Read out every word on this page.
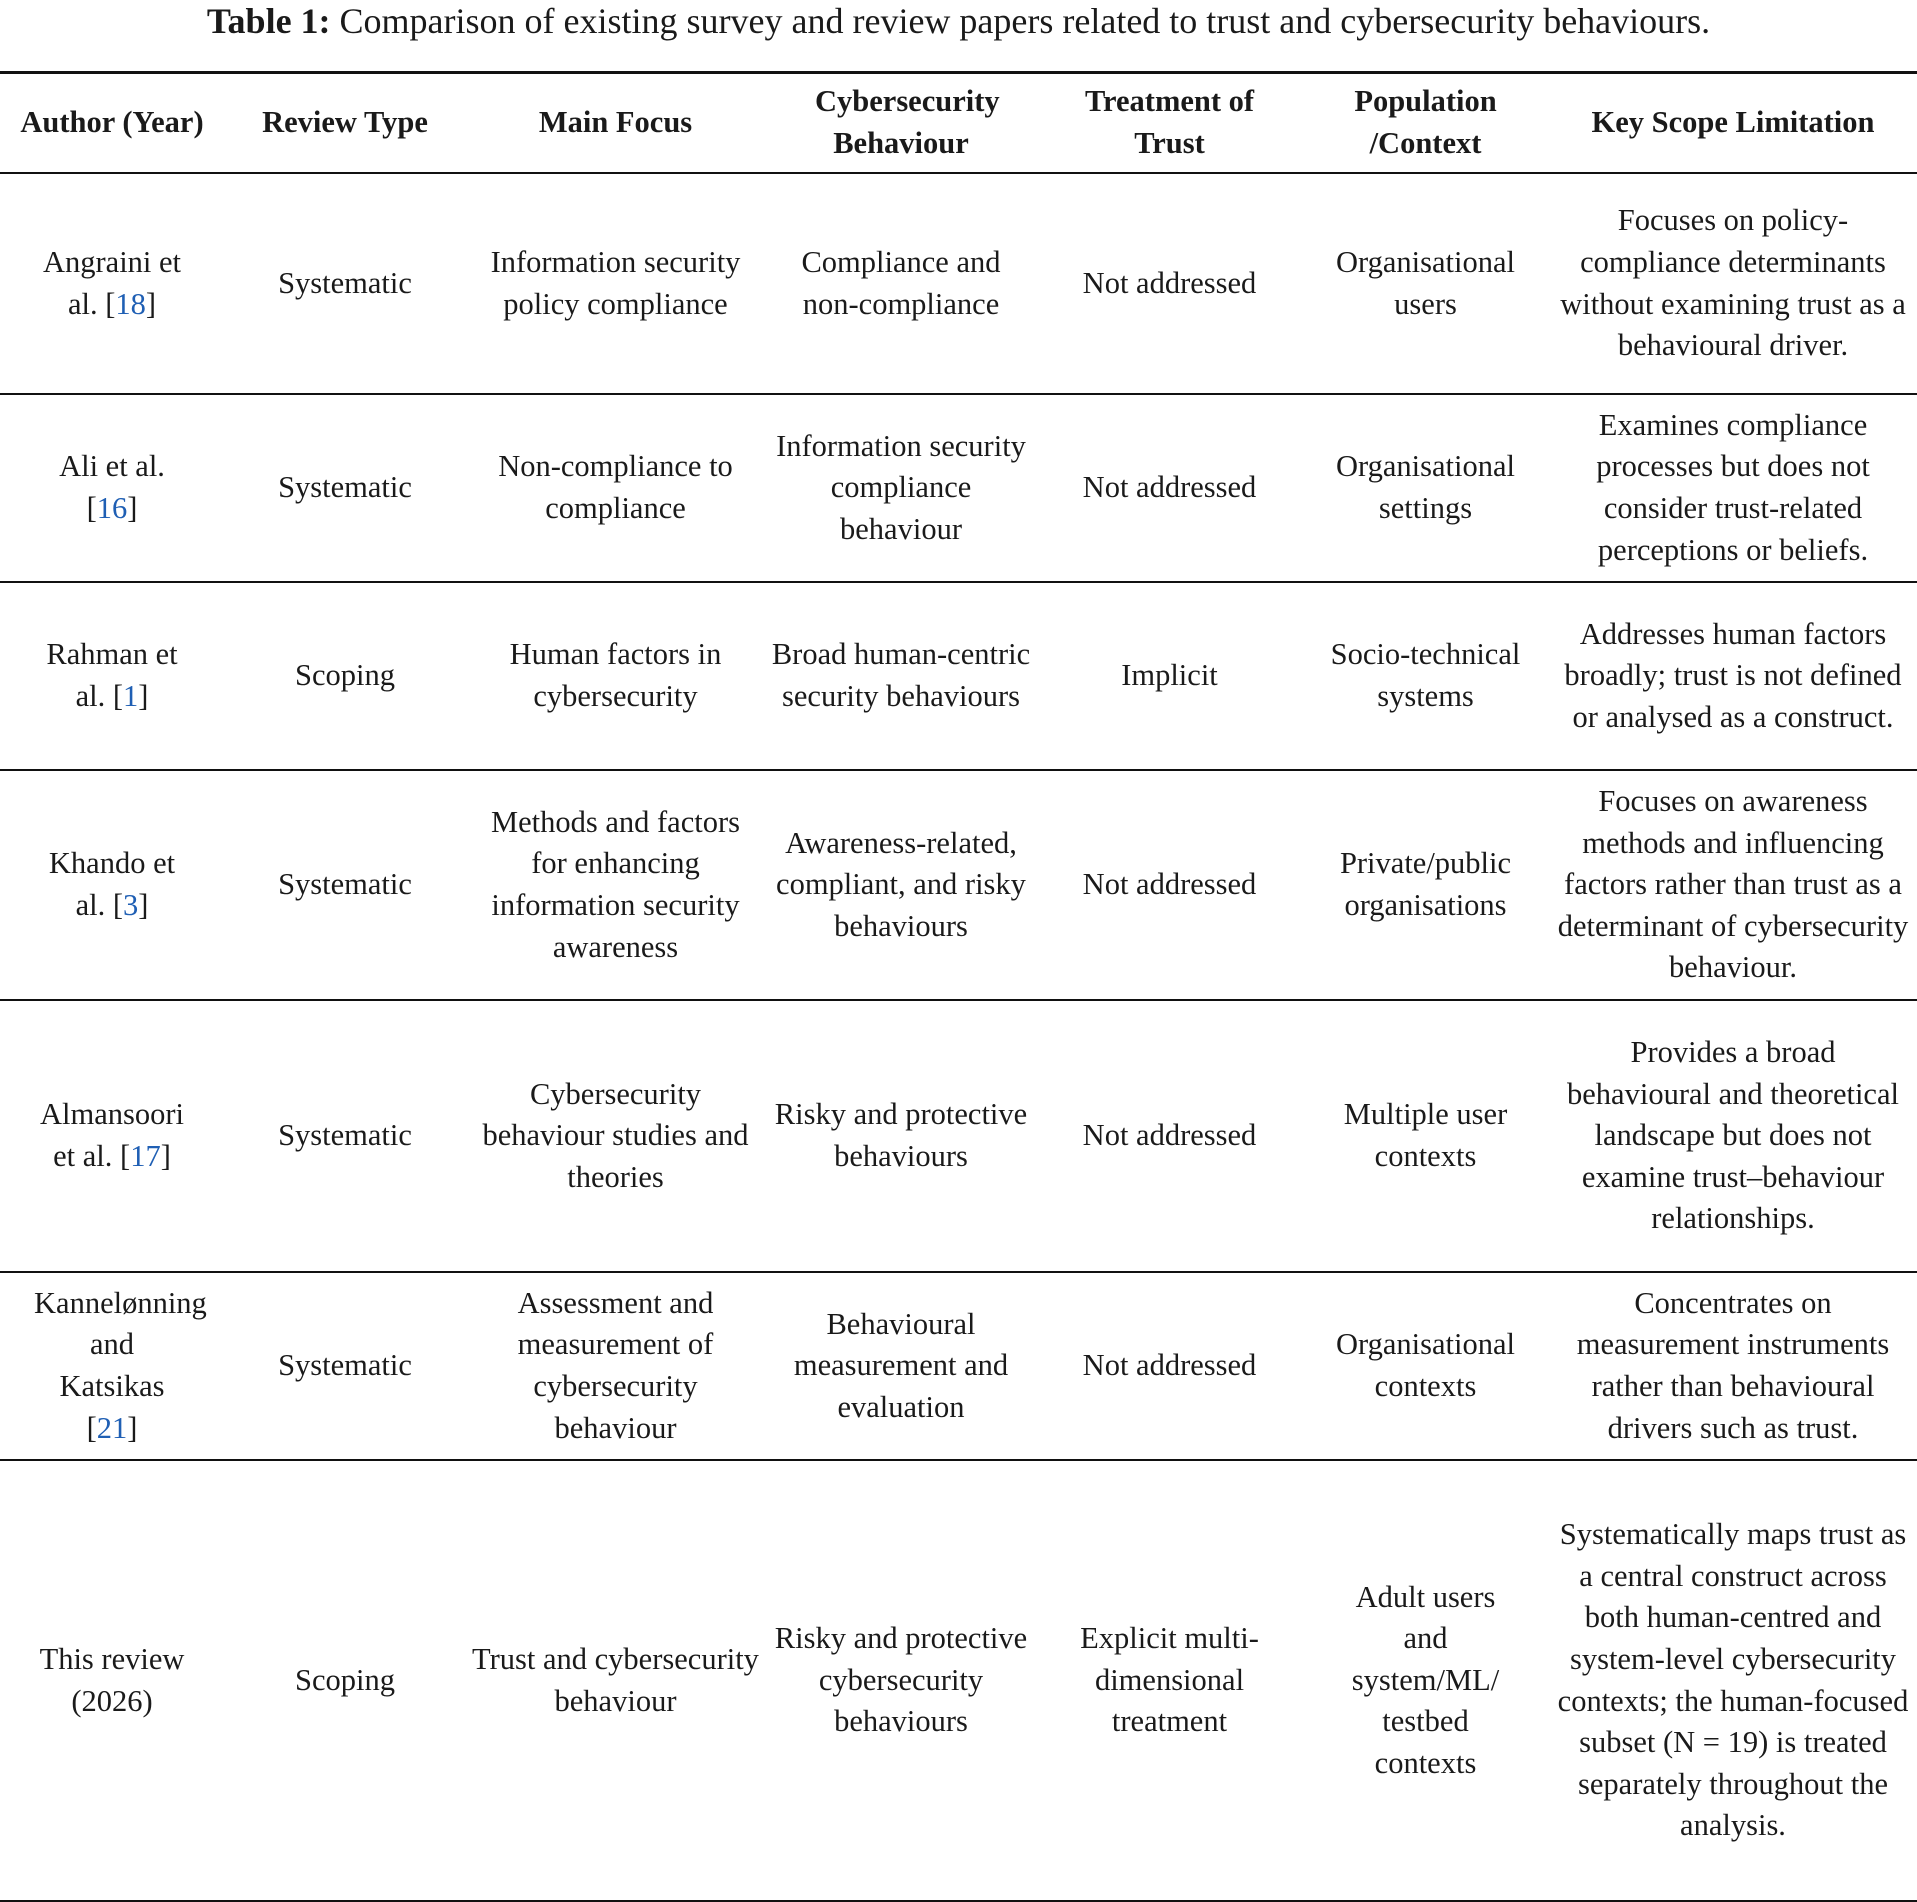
Table 1: Comparison of existing survey and review papers related to trust and cybersecurity behaviours.
Author (Year)	Review Type	Main Focus	Cybersecurity Behaviour	Treatment of Trust	Population /Context	Key Scope Limitation
Angraini et al. [18]	Systematic	Information security policy compliance	Compliance and non-compliance	Not addressed	Organisational users	Focuses on policy-compliance determinants without examining trust as a behavioural driver.
Ali et al. [16]	Systematic	Non-compliance to compliance	Information security compliance behaviour	Not addressed	Organisational settings	Examines compliance processes but does not consider trust-related perceptions or beliefs.
Rahman et al. [1]	Scoping	Human factors in cybersecurity	Broad human-centric security behaviours	Implicit	Socio-technical systems	Addresses human factors broadly; trust is not defined or analysed as a construct.
Khando et al. [3]	Systematic	Methods and factors for enhancing information security awareness	Awareness-related, compliant, and risky behaviours	Not addressed	Private/public organisations	Focuses on awareness methods and influencing factors rather than trust as a determinant of cybersecurity behaviour.
Almansoori et al. [17]	Systematic	Cybersecurity behaviour studies and theories	Risky and protective behaviours	Not addressed	Multiple user contexts	Provides a broad behavioural and theoretical landscape but does not examine trust–behaviour relationships.
Kannelønning and Katsikas [21]	Systematic	Assessment and measurement of cybersecurity behaviour	Behavioural measurement and evaluation	Not addressed	Organisational contexts	Concentrates on measurement instruments rather than behavioural drivers such as trust.
This review (2026)	Scoping	Trust and cybersecurity behaviour	Risky and protective cybersecurity behaviours	Explicit multi-dimensional treatment	Adult users and system/ML/ testbed contexts	Systematically maps trust as a central construct across both human-centred and system-level cybersecurity contexts; the human-focused subset (N = 19) is treated separately throughout the analysis.
